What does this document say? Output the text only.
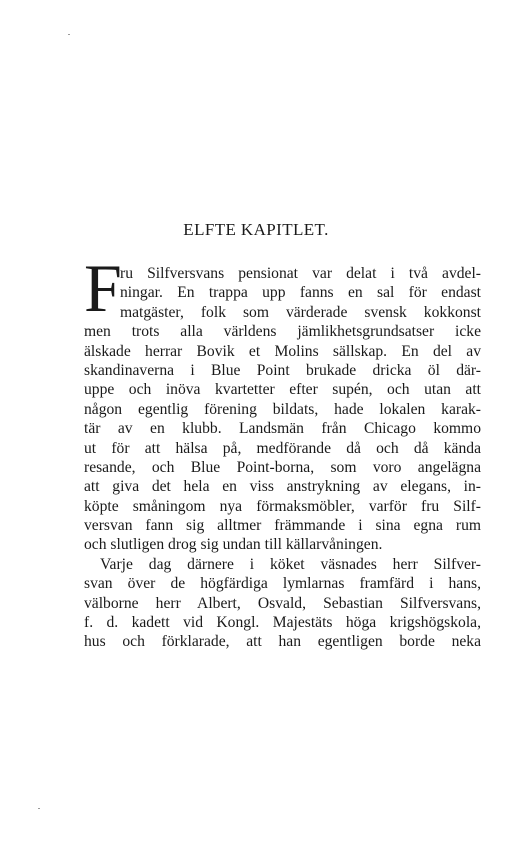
ELFTE KAPITLET.
F
ru Silfversvans pensionat var delat i två avdel-
ningar. En trappa upp fanns en sal för endast
matgäster, folk som värderade svensk kokkonst
men trots alla världens jämlikhetsgrundsatser icke
älskade herrar Bovik et Molins sällskap. En del av
skandinaverna i Blue Point brukade dricka öl där-
uppe och inöva kvartetter efter supén, och utan att
någon egentlig förening bildats, hade lokalen karak-
tär av en klubb. Landsmän från Chicago kommo
ut för att hälsa på, medförande då och då kända
resande, och Blue Point-borna, som voro angelägna
att giva det hela en viss anstrykning av elegans, in-
köpte småningom nya förmaksmöbler, varför fru Silf-
versvan fann sig alltmer främmande i sina egna rum
och slutligen drog sig undan till källarvåningen.
Varje dag därnere i köket väsnades herr Silfver-
svan över de högfärdiga lymlarnas framfärd i hans,
välborne herr Albert, Osvald, Sebastian Silfversvans,
f. d. kadett vid Kongl. Majestäts höga krigshögskola,
hus och förklarade, att han egentligen borde neka
